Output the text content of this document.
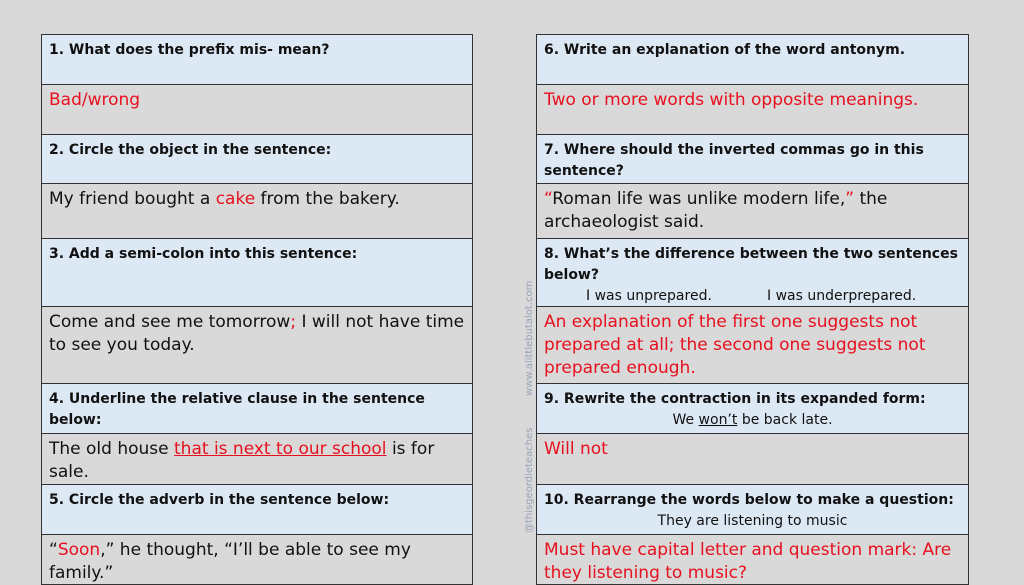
1. What does the prefix mis- mean?
Bad/wrong
2. Circle the object in the sentence:
My friend bought a cake from the bakery.
3. Add a semi-colon into this sentence:
Come and see me tomorrow; I will not have time to see you today.
4. Underline the relative clause in the sentence below:
The old house that is next to our school is for sale.
5. Circle the adverb in the sentence below:
“Soon,” he thought, “I’ll be able to see my family.”
www.alittlebutalot.com
@thisgeordieteaches
6. Write an explanation of the word antonym.
Two or more words with opposite meanings.
7. Where should the inverted commas go in this sentence?
“Roman life was unlike modern life,” the archaeologist said.
8. What’s the difference between the two sentences below?
I was unprepared.	I was underprepared.
An explanation of the first one suggests not prepared at all; the second one suggests not prepared enough.
9. Rewrite the contraction in its expanded form:
We won’t be back late.
Will not
10. Rearrange the words below to make a question:
They are listening to music
Must have capital letter and question mark: Are they listening to music?
